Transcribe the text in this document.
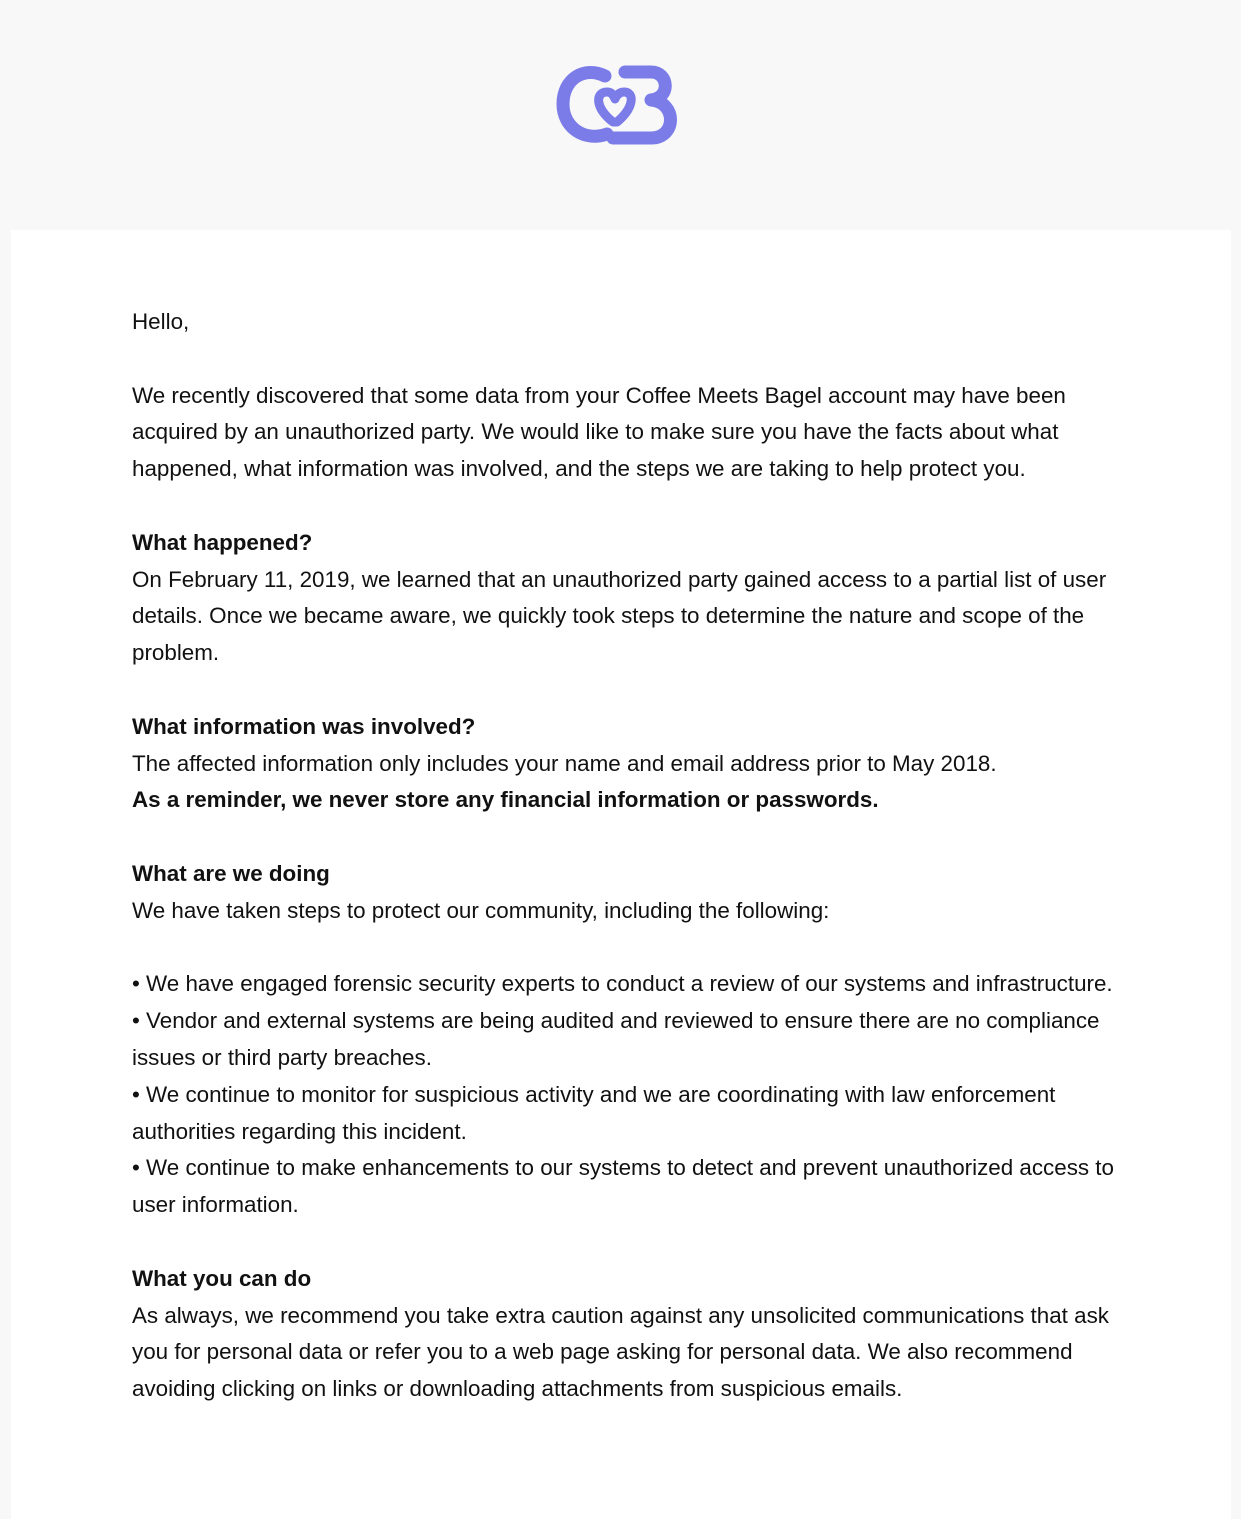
Hello,

We recently discovered that some data from your Coffee Meets Bagel account may have been acquired by an unauthorized party. We would like to make sure you have the facts about what happened, what information was involved, and the steps we are taking to help protect you.

What happened?
On February 11, 2019, we learned that an unauthorized party gained access to a partial list of user details. Once we became aware, we quickly took steps to determine the nature and scope of the problem.

What information was involved?
The affected information only includes your name and email address prior to May 2018.
As a reminder, we never store any financial information or passwords.

What are we doing
We have taken steps to protect our community, including the following:

• We have engaged forensic security experts to conduct a review of our systems and infrastructure.
• Vendor and external systems are being audited and reviewed to ensure there are no compliance issues or third party breaches.
• We continue to monitor for suspicious activity and we are coordinating with law enforcement authorities regarding this incident.
• We continue to make enhancements to our systems to detect and prevent unauthorized access to user information.

What you can do
As always, we recommend you take extra caution against any unsolicited communications that ask you for personal data or refer you to a web page asking for personal data. We also recommend avoiding clicking on links or downloading attachments from suspicious emails.
